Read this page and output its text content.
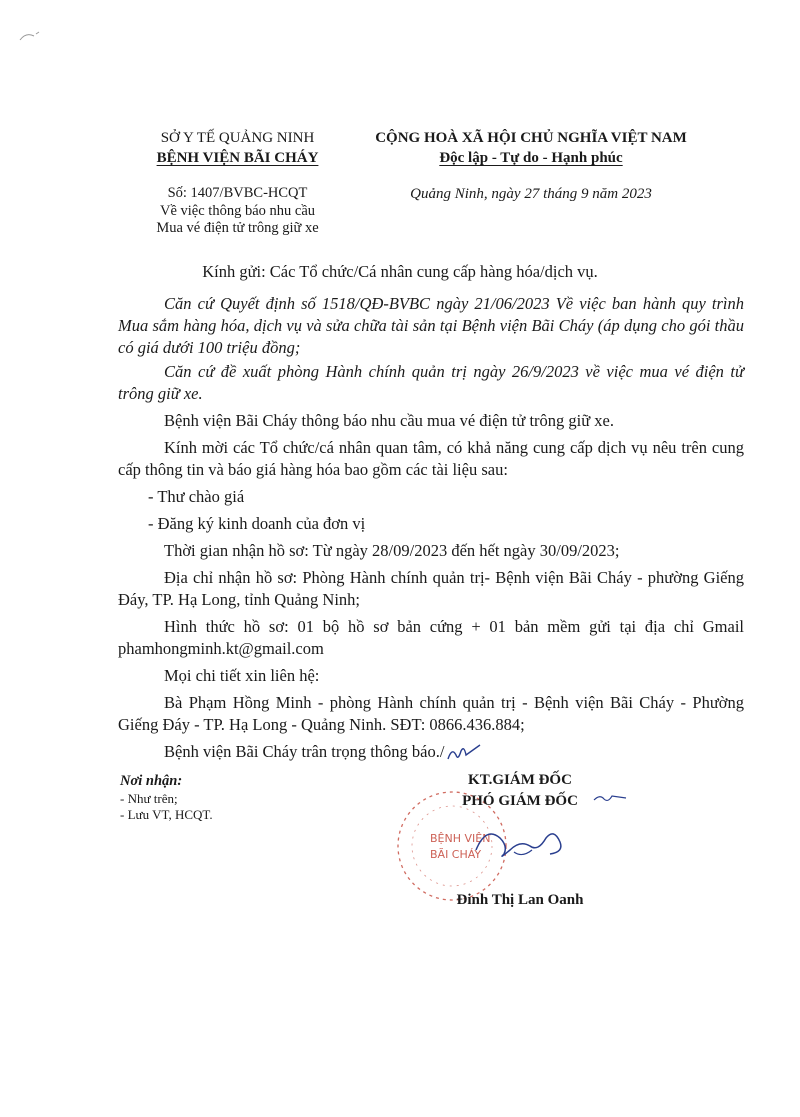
SỞ Y TẾ QUẢNG NINH
BỆNH VIỆN BÃI CHÁY
CỘNG HOÀ XÃ HỘI CHỦ NGHĨA VIỆT NAM
Độc lập - Tự do - Hạnh phúc
Số: 1407/BVBC-HCQT
Về việc thông báo nhu cầu
Mua vé điện tử trông giữ xe
Quảng Ninh, ngày 27 tháng 9 năm 2023
Kính gửi: Các Tổ chức/Cá nhân cung cấp hàng hóa/dịch vụ.

Căn cứ Quyết định số 1518/QĐ-BVBC ngày 21/06/2023 Về việc ban hành quy trình Mua sắm hàng hóa, dịch vụ và sửa chữa tài sản tại Bệnh viện Bãi Cháy (áp dụng cho gói thầu có giá dưới 100 triệu đồng;

Căn cứ đề xuất phòng Hành chính quản trị ngày 26/9/2023 về việc mua vé điện tử trông giữ xe.

Bệnh viện Bãi Cháy thông báo nhu cầu mua vé điện tử trông giữ xe.

Kính mời các Tổ chức/cá nhân quan tâm, có khả năng cung cấp dịch vụ nêu trên cung cấp thông tin và báo giá hàng hóa bao gồm các tài liệu sau:

- Thư chào giá

- Đăng ký kinh doanh của đơn vị

Thời gian nhận hồ sơ: Từ ngày 28/09/2023 đến hết ngày 30/09/2023;

Địa chỉ nhận hồ sơ: Phòng Hành chính quản trị- Bệnh viện Bãi Cháy - phường Giếng Đáy, TP. Hạ Long, tỉnh Quảng Ninh;

Hình thức hồ sơ: 01 bộ hồ sơ bản cứng + 01 bản mềm gửi tại địa chỉ Gmail phamhongminh.kt@gmail.com

Mọi chi tiết xin liên hệ:

Bà Phạm Hồng Minh - phòng Hành chính quản trị - Bệnh viện Bãi Cháy - Phường Giếng Đáy - TP. Hạ Long - Quảng Ninh. SĐT: 0866.436.884;

Bệnh viện Bãi Cháy trân trọng thông báo./

Nơi nhận:
- Như trên;
- Lưu VT, HCQT.
BỆNH VIỆN
BÃI CHÁY
KT.GIÁM ĐỐC
PHÓ GIÁM ĐỐC
Đinh Thị Lan Oanh
